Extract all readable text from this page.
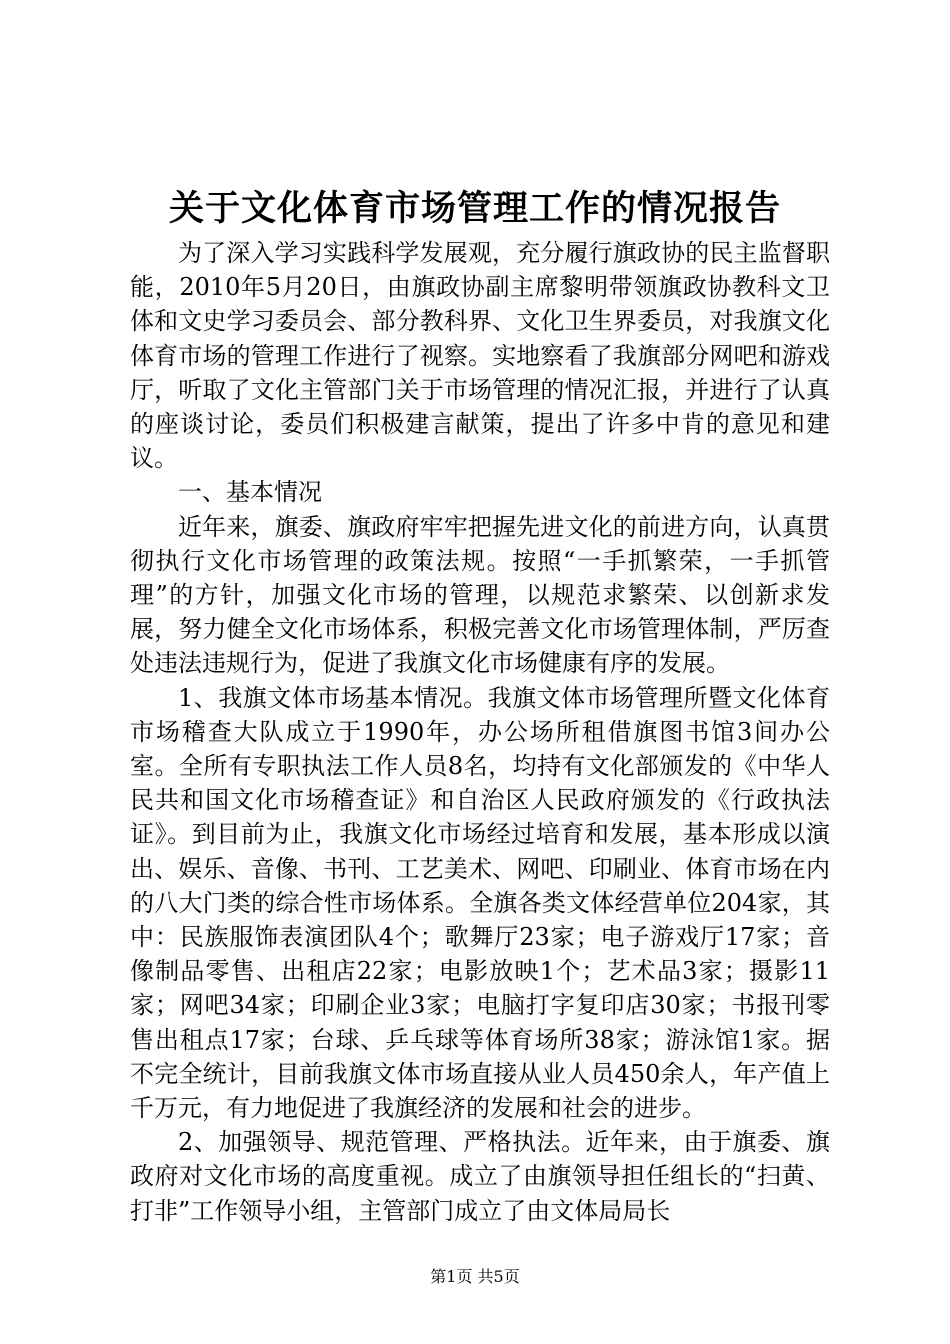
关于文化体育市场管理工作的情况报告

为了深入学习实践科学发展观，充分履行旗政协的民主监督职能，2010年5月20日，由旗政协副主席黎明带领旗政协教科文卫体和文史学习委员会、部分教科界、文化卫生界委员，对我旗文化体育市场的管理工作进行了视察。实地察看了我旗部分网吧和游戏厅，听取了文化主管部门关于市场管理的情况汇报，并进行了认真的座谈讨论，委员们积极建言献策，提出了许多中肯的意见和建议。

一、基本情况

近年来，旗委、旗政府牢牢把握先进文化的前进方向，认真贯彻执行文化市场管理的政策法规。按照“一手抓繁荣，一手抓管理”的方针，加强文化市场的管理，以规范求繁荣、以创新求发展，努力健全文化市场体系，积极完善文化市场管理体制，严厉查处违法违规行为，促进了我旗文化市场健康有序的发展。

1、我旗文体市场基本情况。我旗文体市场管理所暨文化体育市场稽查大队成立于1990年，办公场所租借旗图书馆3间办公室。全所有专职执法工作人员8名，均持有文化部颁发的《中华人民共和国文化市场稽查证》和自治区人民政府颁发的《行政执法证》。到目前为止，我旗文化市场经过培育和发展，基本形成以演出、娱乐、音像、书刊、工艺美术、网吧、印刷业、体育市场在内的八大门类的综合性市场体系。全旗各类文体经营单位204家，其中：民族服饰表演团队4个；歌舞厅23家；电子游戏厅17家；音像制品零售、出租店22家；电影放映1个；艺术品3家；摄影11家；网吧34家；印刷企业3家；电脑打字复印店30家；书报刊零售出租点17家；台球、乒乓球等体育场所38家；游泳馆1家。据不完全统计，目前我旗文体市场直接从业人员450余人，年产值上千万元，有力地促进了我旗经济的发展和社会的进步。

2、加强领导、规范管理、严格执法。近年来，由于旗委、旗政府对文化市场的高度重视。成立了由旗领导担任组长的“扫黄、打非”工作领导小组，主管部门成立了由文体局局长

第1页 共5页
